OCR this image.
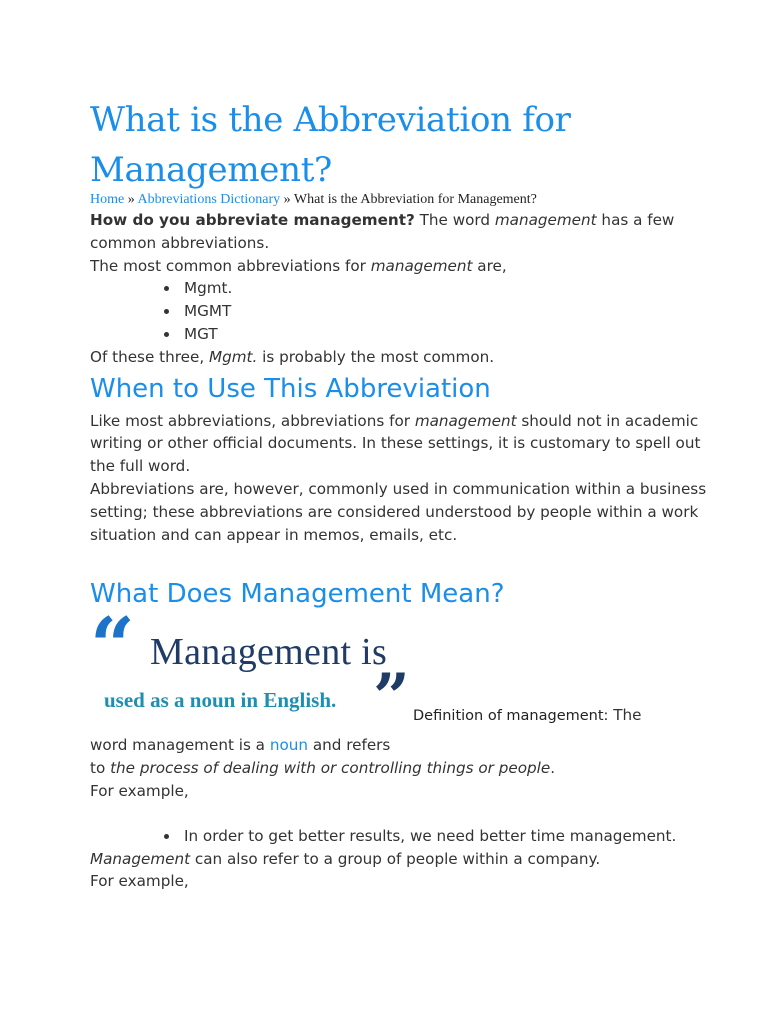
What is the Abbreviation for Management?
Home » Abbreviations Dictionary » What is the Abbreviation for Management?

How do you abbreviate management? The word management has a few common abbreviations.

The most common abbreviations for management are,

• Mgmt.
• MGMT
• MGT

Of these three, Mgmt. is probably the most common.

When to Use This Abbreviation

Like most abbreviations, abbreviations for management should not in academic writing or other official documents. In these settings, it is customary to spell out the full word.

Abbreviations are, however, commonly used in communication within a business setting; these abbreviations are considered understood by people within a work situation and can appear in memos, emails, etc.

What Does Management Mean?
“ Management is
used as a noun in English. ” Definition of management: The

word management is a noun and refers
to the process of dealing with or controlling things or people.

For example,

• In order to get better results, we need better time management.

Management can also refer to a group of people within a company.

For example,
